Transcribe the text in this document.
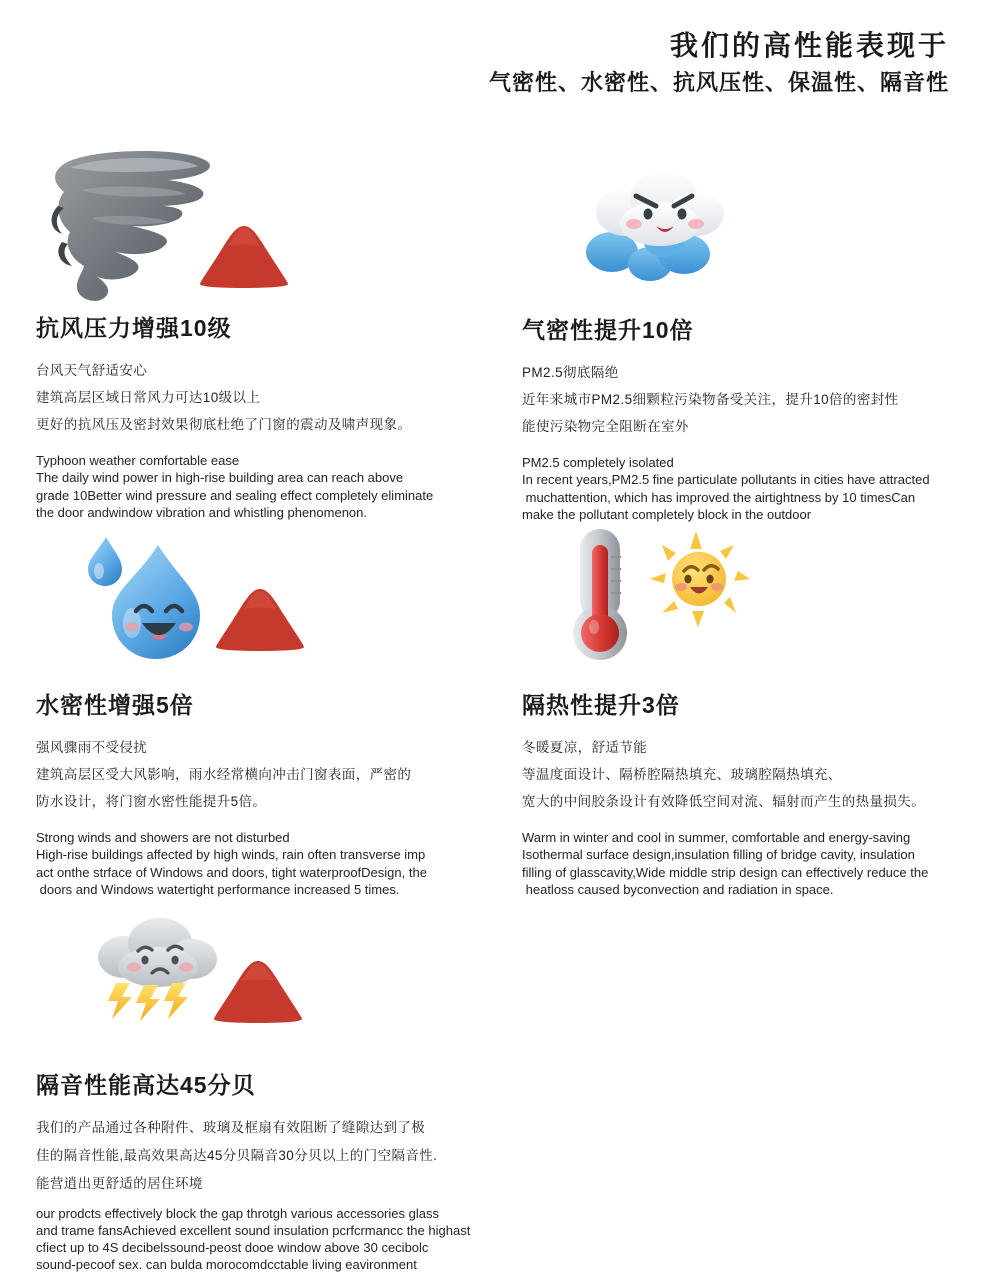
我们的高性能表现于
气密性、水密性、抗风压性、保温性、隔音性
抗风压力增强10级
台风天气舒适安心
建筑高层区域日常风力可达10级以上
更好的抗风压及密封效果彻底杜绝了门窗的震动及啸声现象。
Typhoon weather comfortable ease
The daily wind power in high-rise building area can reach above
grade 10Better wind pressure and sealing effect completely eliminate
the door andwindow vibration and whistling phenomenon.
气密性提升10倍
PM2.5彻底隔绝
近年来城市PM2.5细颗粒污染物备受关注，提升10倍的密封性
能使污染物完全阻断在室外
PM2.5 completely isolated
In recent years,PM2.5 fine particulate pollutants in cities have attracted
muchattention, which has improved the airtightness by 10 timesCan
make the pollutant completely block in the outdoor
水密性增强5倍
强风骤雨不受侵扰
建筑高层区受大风影响，雨水经常横向冲击门窗表面，严密的
防水设计，将门窗水密性能提升5倍。
Strong winds and showers are not disturbed
High-rise buildings affected by high winds, rain often transverse imp
act onthe strface of Windows and doors, tight waterproofDesign, the
doors and Windows watertight performance increased 5 times.
隔热性提升3倍
冬暖夏凉，舒适节能
等温度面设计、隔桥腔隔热填充、玻璃腔隔热填充、
宽大的中间胶条设计有效降低空间对流、辐射而产生的热量损失。
Warm in winter and cool in summer, comfortable and energy-saving
Isothermal surface design,insulation filling of bridge cavity, insulation
filling of glasscavity,Wide middle strip design can effectively reduce the
heatloss caused byconvection and radiation in space.
隔音性能高达45分贝
我们的产品通过各种附件、玻璃及框扇有效阻断了缝隙达到了极
佳的隔音性能,最高效果高达45分贝隔音30分贝以上的门空隔音性.
能营逍出更舒适的居住环境
our prodcts effectively block the gap throtgh various accessories glass
and trame fansAchieved excellent sound insulation pcrfcrmancc the highast
cfiect up to 4S decibelssound-peost dooe window above 30 cecibolc
sound-pecoof sex. can bulda morocomdcctable living eavironment
